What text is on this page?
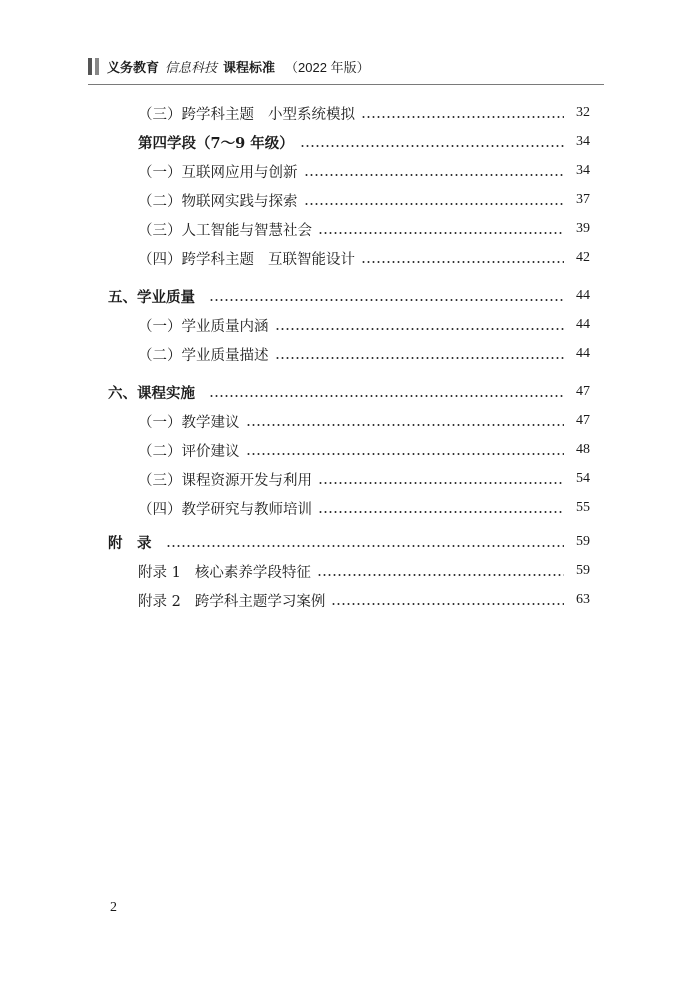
义务教育 信息科技 课程标准 （2022 年版）
（三）跨学科主题 小型系统模拟	32
第四学段（7～9 年级）	34
（一）互联网应用与创新	34
（二）物联网实践与探索	37
（三）人工智能与智慧社会	39
（四）跨学科主题 互联智能设计	42
五、学业质量	44
（一）学业质量内涵	44
（二）学业质量描述	44
六、课程实施	47
（一）教学建议	47
（二）评价建议	48
（三）课程资源开发与利用	54
（四）教学研究与教师培训	55
附　录	59
附录 1 核心素养学段特征	59
附录 2 跨学科主题学习案例	63
2
